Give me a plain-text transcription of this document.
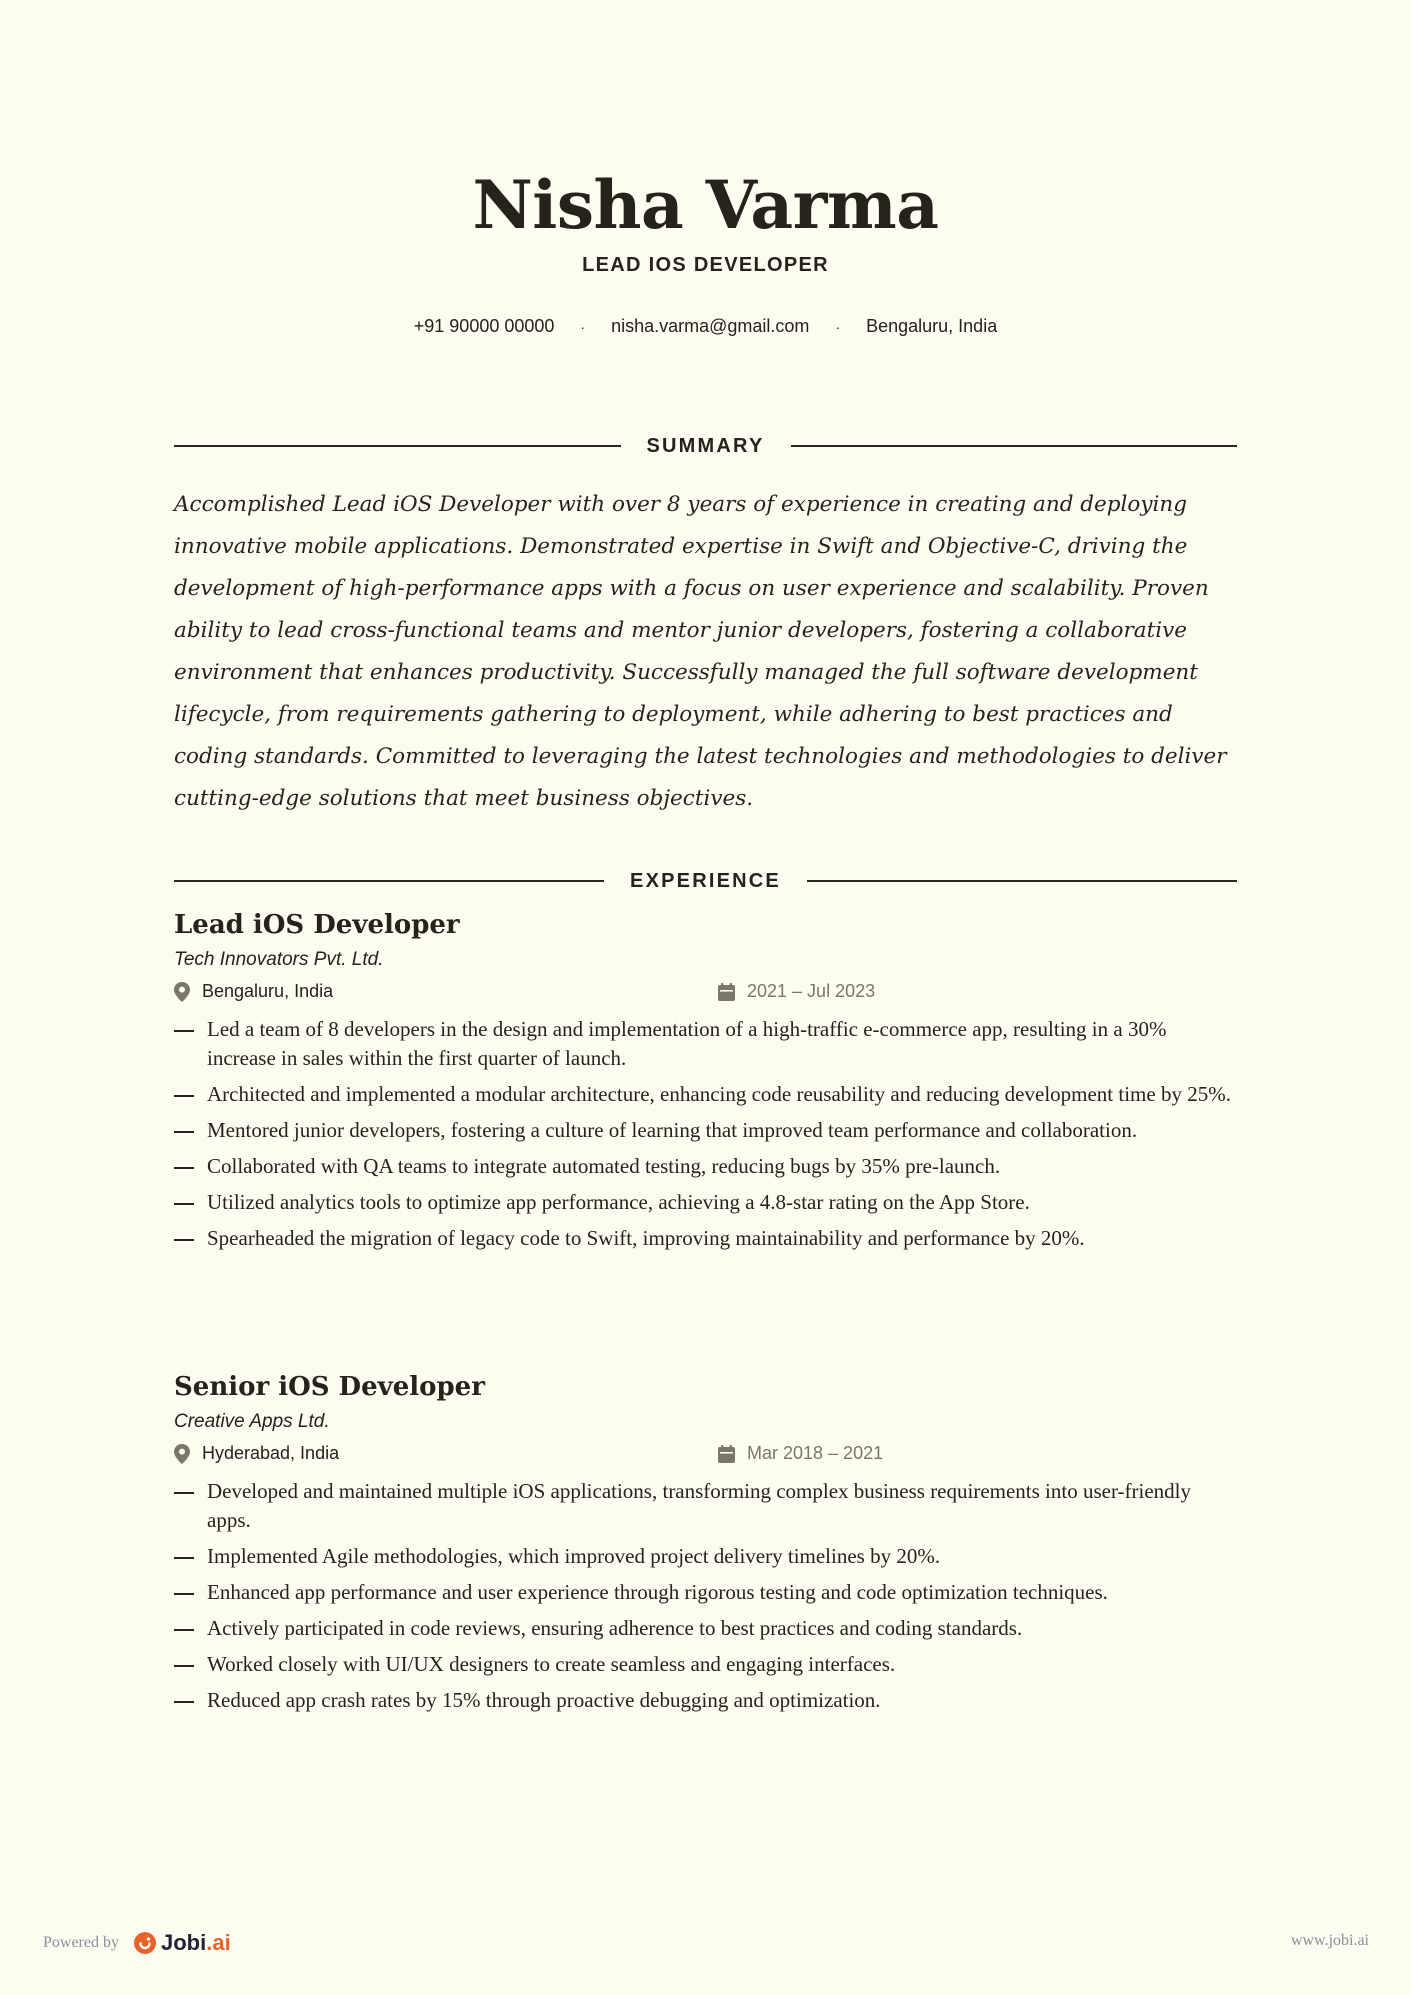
Nisha Varma
LEAD IOS DEVELOPER
+91 90000 00000 · nisha.varma@gmail.com · Bengaluru, India
SUMMARY

Accomplished Lead iOS Developer with over 8 years of experience in creating and deploying innovative mobile applications. Demonstrated expertise in Swift and Objective-C, driving the development of high-performance apps with a focus on user experience and scalability. Proven ability to lead cross-functional teams and mentor junior developers, fostering a collaborative environment that enhances productivity. Successfully managed the full software development lifecycle, from requirements gathering to deployment, while adhering to best practices and coding standards. Committed to leveraging the latest technologies and methodologies to deliver cutting-edge solutions that meet business objectives.

EXPERIENCE
Lead iOS Developer
Tech Innovators Pvt. Ltd.
Bengaluru, India	2021 – Jul 2023
Led a team of 8 developers in the design and implementation of a high-traffic e-commerce app, resulting in a 30% increase in sales within the first quarter of launch.
Architected and implemented a modular architecture, enhancing code reusability and reducing development time by 25%.
Mentored junior developers, fostering a culture of learning that improved team performance and collaboration.
Collaborated with QA teams to integrate automated testing, reducing bugs by 35% pre-launch.
Utilized analytics tools to optimize app performance, achieving a 4.8-star rating on the App Store.
Spearheaded the migration of legacy code to Swift, improving maintainability and performance by 20%.
Senior iOS Developer
Creative Apps Ltd.
Hyderabad, India	Mar 2018 – 2021
Developed and maintained multiple iOS applications, transforming complex business requirements into user-friendly apps.
Implemented Agile methodologies, which improved project delivery timelines by 20%.
Enhanced app performance and user experience through rigorous testing and code optimization techniques.
Actively participated in code reviews, ensuring adherence to best practices and coding standards.
Worked closely with UI/UX designers to create seamless and engaging interfaces.
Reduced app crash rates by 15% through proactive debugging and optimization.
Powered by Jobi .ai	www.jobi.ai
